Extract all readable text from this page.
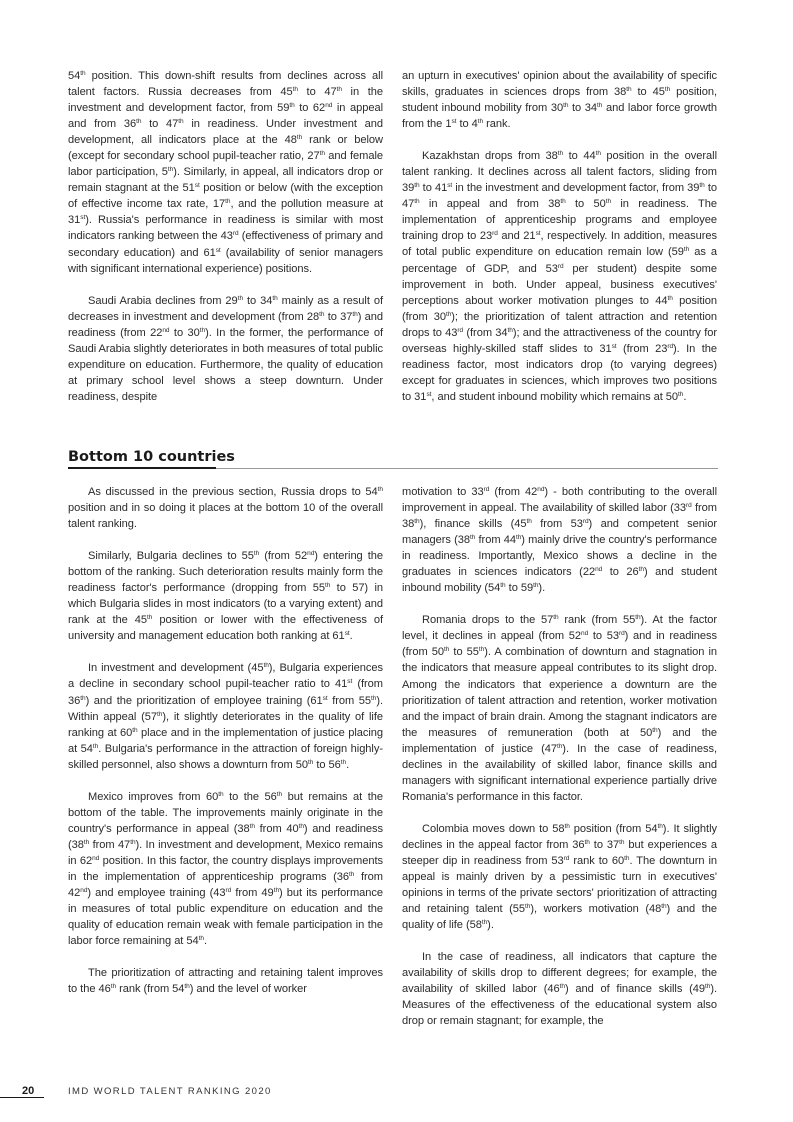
54th position. This down-shift results from declines across all talent factors. Russia decreases from 45th to 47th in the investment and development factor, from 59th to 62nd in appeal and from 36th to 47th in readiness. Under investment and development, all indicators place at the 48th rank or below (except for secondary school pupil-teacher ratio, 27th and female labor participation, 5th). Similarly, in appeal, all indicators drop or remain stagnant at the 51st position or below (with the exception of effective income tax rate, 17th, and the pollution measure at 31st). Russia's performance in readiness is similar with most indicators ranking between the 43rd (effectiveness of primary and secondary education) and 61st (availability of senior managers with significant international experience) positions.

Saudi Arabia declines from 29th to 34th mainly as a result of decreases in investment and development (from 28th to 37th) and readiness (from 22nd to 30th). In the former, the performance of Saudi Arabia slightly deteriorates in both measures of total public expenditure on education. Furthermore, the quality of education at primary school level shows a steep downturn. Under readiness, despite

an upturn in executives' opinion about the availability of specific skills, graduates in sciences drops from 38th to 45th position, student inbound mobility from 30th to 34th and labor force growth from the 1st to 4th rank.

Kazakhstan drops from 38th to 44th position in the overall talent ranking. It declines across all talent factors, sliding from 39th to 41st in the investment and development factor, from 39th to 47th in appeal and from 38th to 50th in readiness. The implementation of apprenticeship programs and employee training drop to 23rd and 21st, respectively. In addition, measures of total public expenditure on education remain low (59th as a percentage of GDP, and 53rd per student) despite some improvement in both. Under appeal, business executives' perceptions about worker motivation plunges to 44th position (from 30th); the prioritization of talent attraction and retention drops to 43rd (from 34th); and the attractiveness of the country for overseas highly-skilled staff slides to 31st (from 23rd). In the readiness factor, most indicators drop (to varying degrees) except for graduates in sciences, which improves two positions to 31st, and student inbound mobility which remains at 50th.

Bottom 10 countries

As discussed in the previous section, Russia drops to 54th position and in so doing it places at the bottom 10 of the overall talent ranking.

Similarly, Bulgaria declines to 55th (from 52nd) entering the bottom of the ranking. Such deterioration results mainly form the readiness factor's performance (dropping from 55th to 57) in which Bulgaria slides in most indicators (to a varying extent) and rank at the 45th position or lower with the effectiveness of university and management education both ranking at 61st.

In investment and development (45th), Bulgaria experiences a decline in secondary school pupil-teacher ratio to 41st (from 36th) and the prioritization of employee training (61st from 55th). Within appeal (57th), it slightly deteriorates in the quality of life ranking at 60th place and in the implementation of justice placing at 54th. Bulgaria's performance in the attraction of foreign highly-skilled personnel, also shows a downturn from 50th to 56th.

Mexico improves from 60th to the 56th but remains at the bottom of the table. The improvements mainly originate in the country's performance in appeal (38th from 40th) and readiness (38th from 47th). In investment and development, Mexico remains in 62nd position. In this factor, the country displays improvements in the implementation of apprenticeship programs (36th from 42nd) and employee training (43rd from 49th) but its performance in measures of total public expenditure on education and the quality of education remain weak with female participation in the labor force remaining at 54th.

The prioritization of attracting and retaining talent improves to the 46th rank (from 54th) and the level of worker

motivation to 33rd (from 42nd) - both contributing to the overall improvement in appeal. The availability of skilled labor (33rd from 38th), finance skills (45th from 53rd) and competent senior managers (38th from 44th) mainly drive the country's performance in readiness. Importantly, Mexico shows a decline in the graduates in sciences indicators (22nd to 26th) and student inbound mobility (54th to 59th).

Romania drops to the 57th rank (from 55th). At the factor level, it declines in appeal (from 52nd to 53rd) and in readiness (from 50th to 55th). A combination of downturn and stagnation in the indicators that measure appeal contributes to its slight drop. Among the indicators that experience a downturn are the prioritization of talent attraction and retention, worker motivation and the impact of brain drain. Among the stagnant indicators are the measures of remuneration (both at 50th) and the implementation of justice (47th). In the case of readiness, declines in the availability of skilled labor, finance skills and managers with significant international experience partially drive Romania's performance in this factor.

Colombia moves down to 58th position (from 54th). It slightly declines in the appeal factor from 36th to 37th but experiences a steeper dip in readiness from 53rd rank to 60th. The downturn in appeal is mainly driven by a pessimistic turn in executives' opinions in terms of the private sectors' prioritization of attracting and retaining talent (55th), workers motivation (48th) and the quality of life (58th).

In the case of readiness, all indicators that capture the availability of skills drop to different degrees; for example, the availability of skilled labor (46th) and of finance skills (49th). Measures of the effectiveness of the educational system also drop or remain stagnant; for example, the

20	IMD WORLD TALENT RANKING 2020
